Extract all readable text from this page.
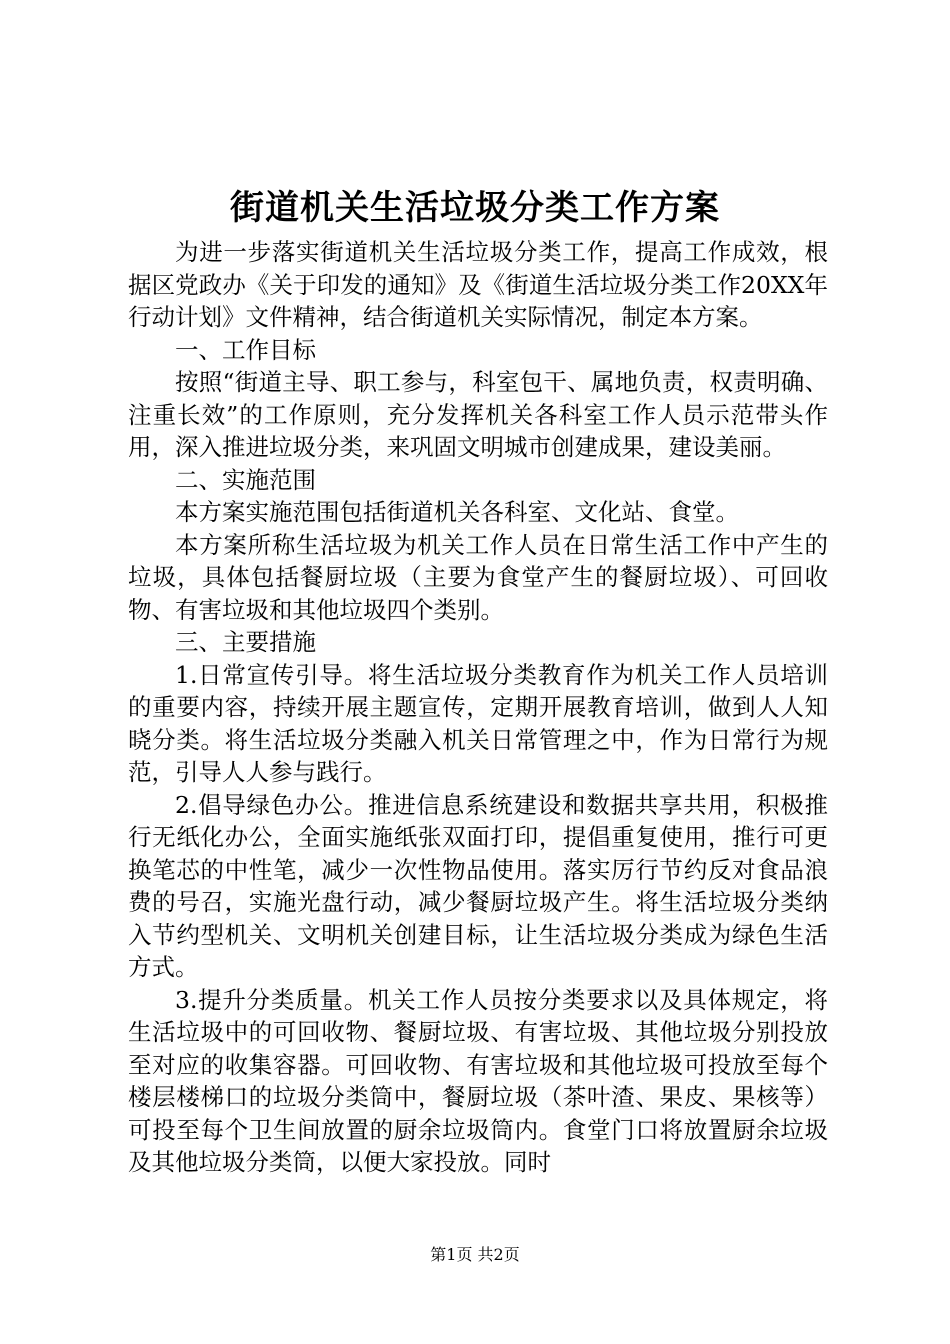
街道机关生活垃圾分类工作方案

为进一步落实街道机关生活垃圾分类工作，提高工作成效，根据区党政办《关于印发的通知》及《街道生活垃圾分类工作20XX年行动计划》文件精神，结合街道机关实际情况，制定本方案。

一、工作目标

按照“街道主导、职工参与，科室包干、属地负责，权责明确、注重长效”的工作原则，充分发挥机关各科室工作人员示范带头作用，深入推进垃圾分类，来巩固文明城市创建成果，建设美丽。

二、实施范围

本方案实施范围包括街道机关各科室、文化站、食堂。

本方案所称生活垃圾为机关工作人员在日常生活工作中产生的垃圾，具体包括餐厨垃圾（主要为食堂产生的餐厨垃圾）、可回收物、有害垃圾和其他垃圾四个类别。

三、主要措施

1.日常宣传引导。将生活垃圾分类教育作为机关工作人员培训的重要内容，持续开展主题宣传，定期开展教育培训，做到人人知晓分类。将生活垃圾分类融入机关日常管理之中，作为日常行为规范，引导人人参与践行。

2.倡导绿色办公。推进信息系统建设和数据共享共用，积极推行无纸化办公，全面实施纸张双面打印，提倡重复使用，推行可更换笔芯的中性笔，减少一次性物品使用。落实厉行节约反对食品浪费的号召，实施光盘行动，减少餐厨垃圾产生。将生活垃圾分类纳入节约型机关、文明机关创建目标，让生活垃圾分类成为绿色生活方式。

3.提升分类质量。机关工作人员按分类要求以及具体规定，将生活垃圾中的可回收物、餐厨垃圾、有害垃圾、其他垃圾分别投放至对应的收集容器。可回收物、有害垃圾和其他垃圾可投放至每个楼层楼梯口的垃圾分类筒中，餐厨垃圾（茶叶渣、果皮、果核等）可投至每个卫生间放置的厨余垃圾筒内。食堂门口将放置厨余垃圾及其他垃圾分类筒，以便大家投放。同时

第1页 共2页
